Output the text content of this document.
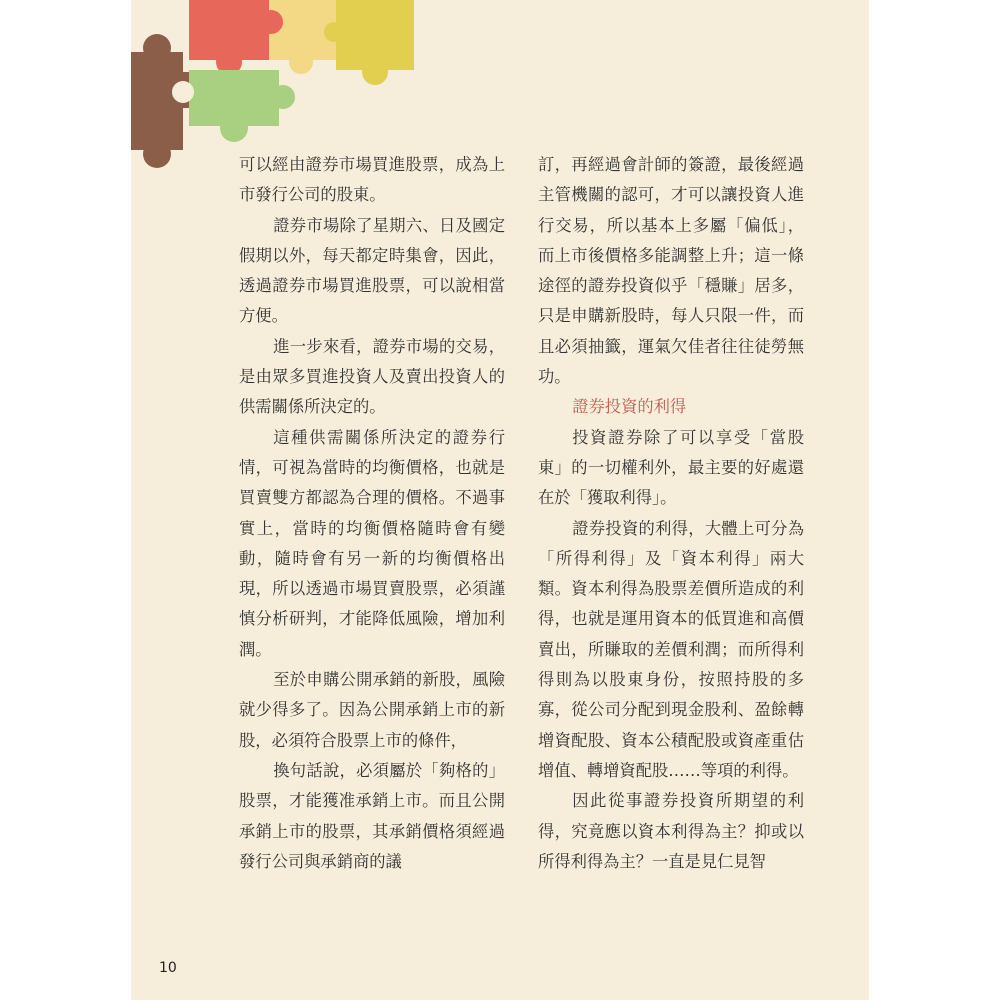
可以經由證券市場買進股票，成為上市發行公司的股東。

證券市場除了星期六、日及國定假期以外，每天都定時集會，因此，透過證券市場買進股票，可以說相當方便。

進一步來看，證券市場的交易，是由眾多買進投資人及賣出投資人的供需關係所決定的。

這種供需關係所決定的證券行情，可視為當時的均衡價格，也就是買賣雙方都認為合理的價格。不過事實上，當時的均衡價格隨時會有變動，隨時會有另一新的均衡價格出現，所以透過市場買賣股票，必須謹慎分析研判，才能降低風險，增加利潤。

至於申購公開承銷的新股，風險就少得多了。因為公開承銷上市的新股，必須符合股票上市的條件，

換句話說，必須屬於「夠格的」股票，才能獲准承銷上市。而且公開承銷上市的股票，其承銷價格須經過發行公司與承銷商的議

訂，再經過會計師的簽證，最後經過主管機關的認可，才可以讓投資人進行交易，所以基本上多屬「偏低」，而上市後價格多能調整上升；這一條途徑的證券投資似乎「穩賺」居多，只是申購新股時，每人只限一件，而且必須抽籤，運氣欠佳者往往徒勞無功。

證券投資的利得

投資證券除了可以享受「當股東」的一切權利外，最主要的好處還在於「獲取利得」。

證券投資的利得，大體上可分為「所得利得」及「資本利得」兩大類。資本利得為股票差價所造成的利得，也就是運用資本的低買進和高價賣出，所賺取的差價利潤；而所得利得則為以股東身份，按照持股的多寡，從公司分配到現金股利、盈餘轉增資配股、資本公積配股或資產重估增值、轉增資配股……等項的利得。

因此從事證券投資所期望的利得，究竟應以資本利得為主？抑或以所得利得為主？一直是見仁見智

10
